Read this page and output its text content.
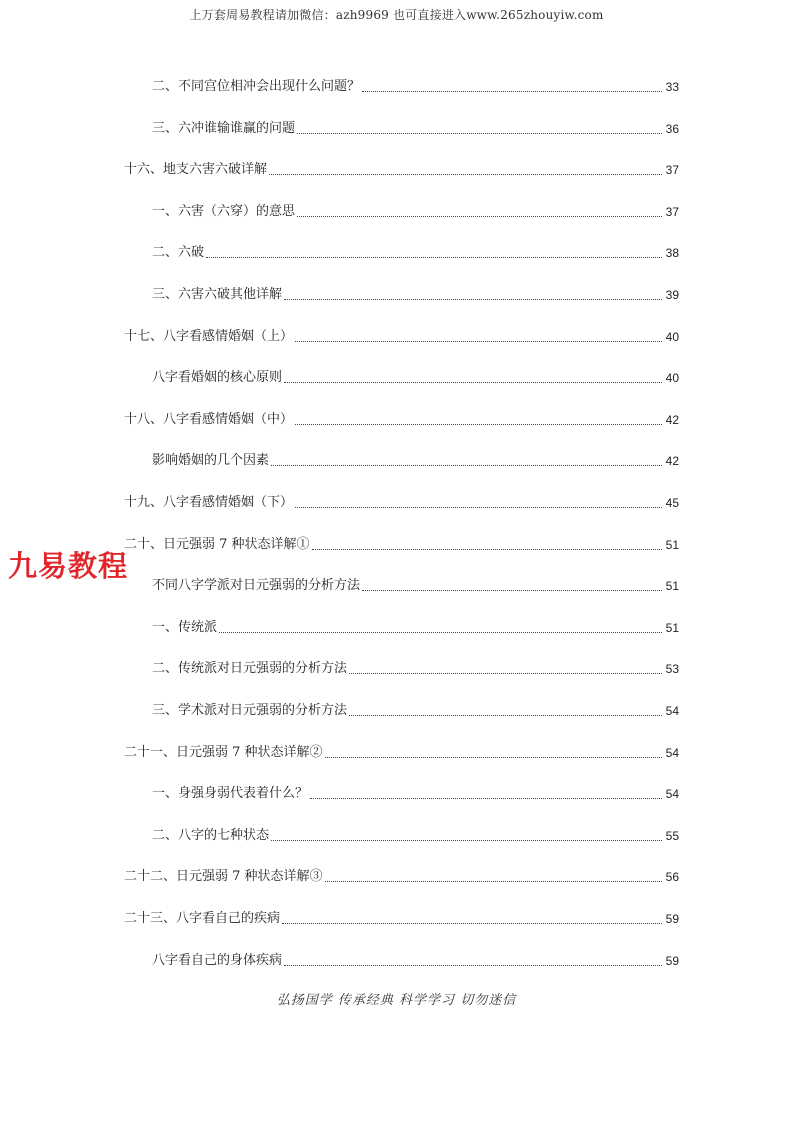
上万套周易教程请加微信：azh9969 也可直接进入www.265zhouyiw.com
九易教程
二、不同宫位相冲会出现什么问题？	33
三、六冲谁输谁赢的问题	36
十六、地支六害六破详解	37
一、六害（六穿）的意思	37
二、六破	38
三、六害六破其他详解	39
十七、八字看感情婚姻（上）	40
八字看婚姻的核心原则	40
十八、八字看感情婚姻（中）	42
影响婚姻的几个因素	42
十九、八字看感情婚姻（下）	45
二十、日元强弱 7 种状态详解①	51
不同八字学派对日元强弱的分析方法	51
一、传统派	51
二、传统派对日元强弱的分析方法	53
三、学术派对日元强弱的分析方法	54
二十一、日元强弱 7 种状态详解②	54
一、身强身弱代表着什么？	54
二、八字的七种状态	55
二十二、日元强弱 7 种状态详解③	56
二十三、八字看自己的疾病	59
八字看自己的身体疾病	59
弘扬国学 传承经典 科学学习 切勿迷信
